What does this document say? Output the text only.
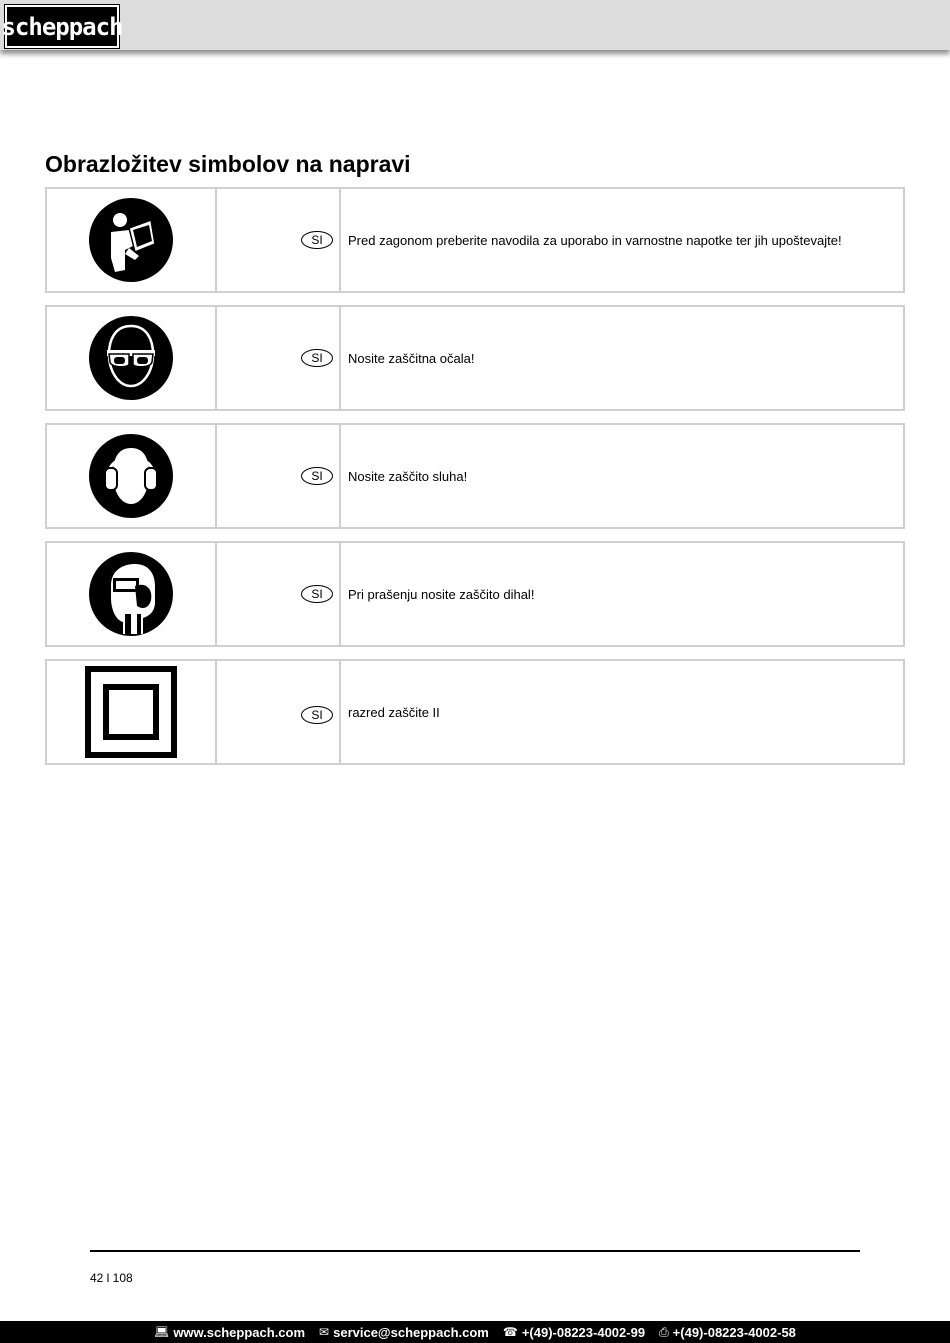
scheppach
Obrazložitev simbolov na napravi
SI	Pred zagonom preberite navodila za uporabo in varnostne napotke ter jih upoštevajte!
SI	Nosite zaščitna očala!
SI	Nosite zaščito sluha!
SI	Pri prašenju nosite zaščito dihal!
SI	razred zaščite II
42 l 108
💻︎ www.scheppach.com ✉ service@scheppach.com ☎ +(49)-08223-4002-99 ⎙ +(49)-08223-4002-58
